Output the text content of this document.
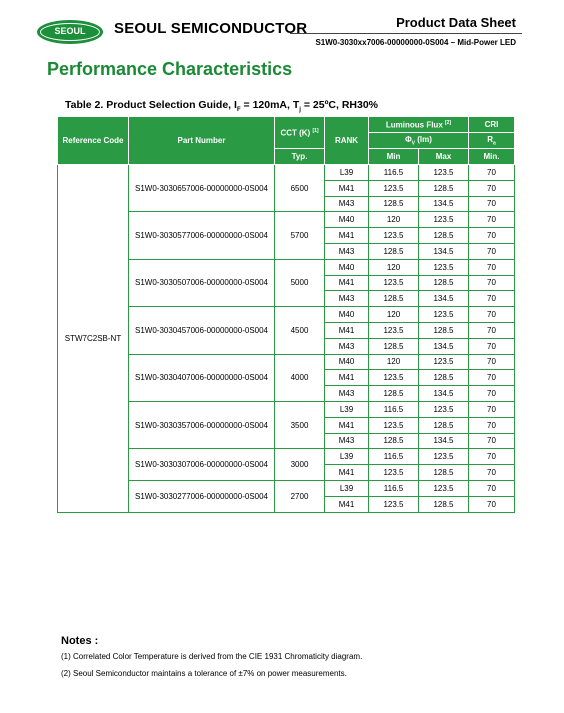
SEOUL	SEOUL SEMICONDUCTOR	Product Data Sheet
S1W0-3030xx7006-00000000-0S004 – Mid-Power LED
Performance Characteristics
Table 2. Product Selection Guide, $I_F = 120mA$, $T_j$ = 25ºC, RH30%
Reference Code	Part Number	CCT (K) [1]	RANK	Luminous Flux [2]		CRI
				$\Phi_V$ (lm)		$R_a$
		Typ.		Min	Max	Min.
STW7C2SB-NT	S1W0-3030657006-00000000-0S004	6500	L39	116.5	123.5	70
			M41	123.5	128.5	70
			M43	128.5	134.5	70
	S1W0-3030577006-00000000-0S004	5700	M40	120	123.5	70
			M41	123.5	128.5	70
			M43	128.5	134.5	70
	S1W0-3030507006-00000000-0S004	5000	M40	120	123.5	70
			M41	123.5	128.5	70
			M43	128.5	134.5	70
	S1W0-3030457006-00000000-0S004	4500	M40	120	123.5	70
			M41	123.5	128.5	70
			M43	128.5	134.5	70
	S1W0-3030407006-00000000-0S004	4000	M40	120	123.5	70
			M41	123.5	128.5	70
			M43	128.5	134.5	70
	S1W0-3030357006-00000000-0S004	3500	L39	116.5	123.5	70
			M41	123.5	128.5	70
			M43	128.5	134.5	70
	S1W0-3030307006-00000000-0S004	3000	L39	116.5	123.5	70
			M41	123.5	128.5	70
	S1W0-3030277006-00000000-0S004	2700	L39	116.5	123.5	70
			M41	123.5	128.5	70
Notes :
(1) Correlated Color Temperature is derived from the CIE 1931 Chromaticity diagram.
(2) Seoul Semiconductor maintains a tolerance of ±7% on power measurements.
